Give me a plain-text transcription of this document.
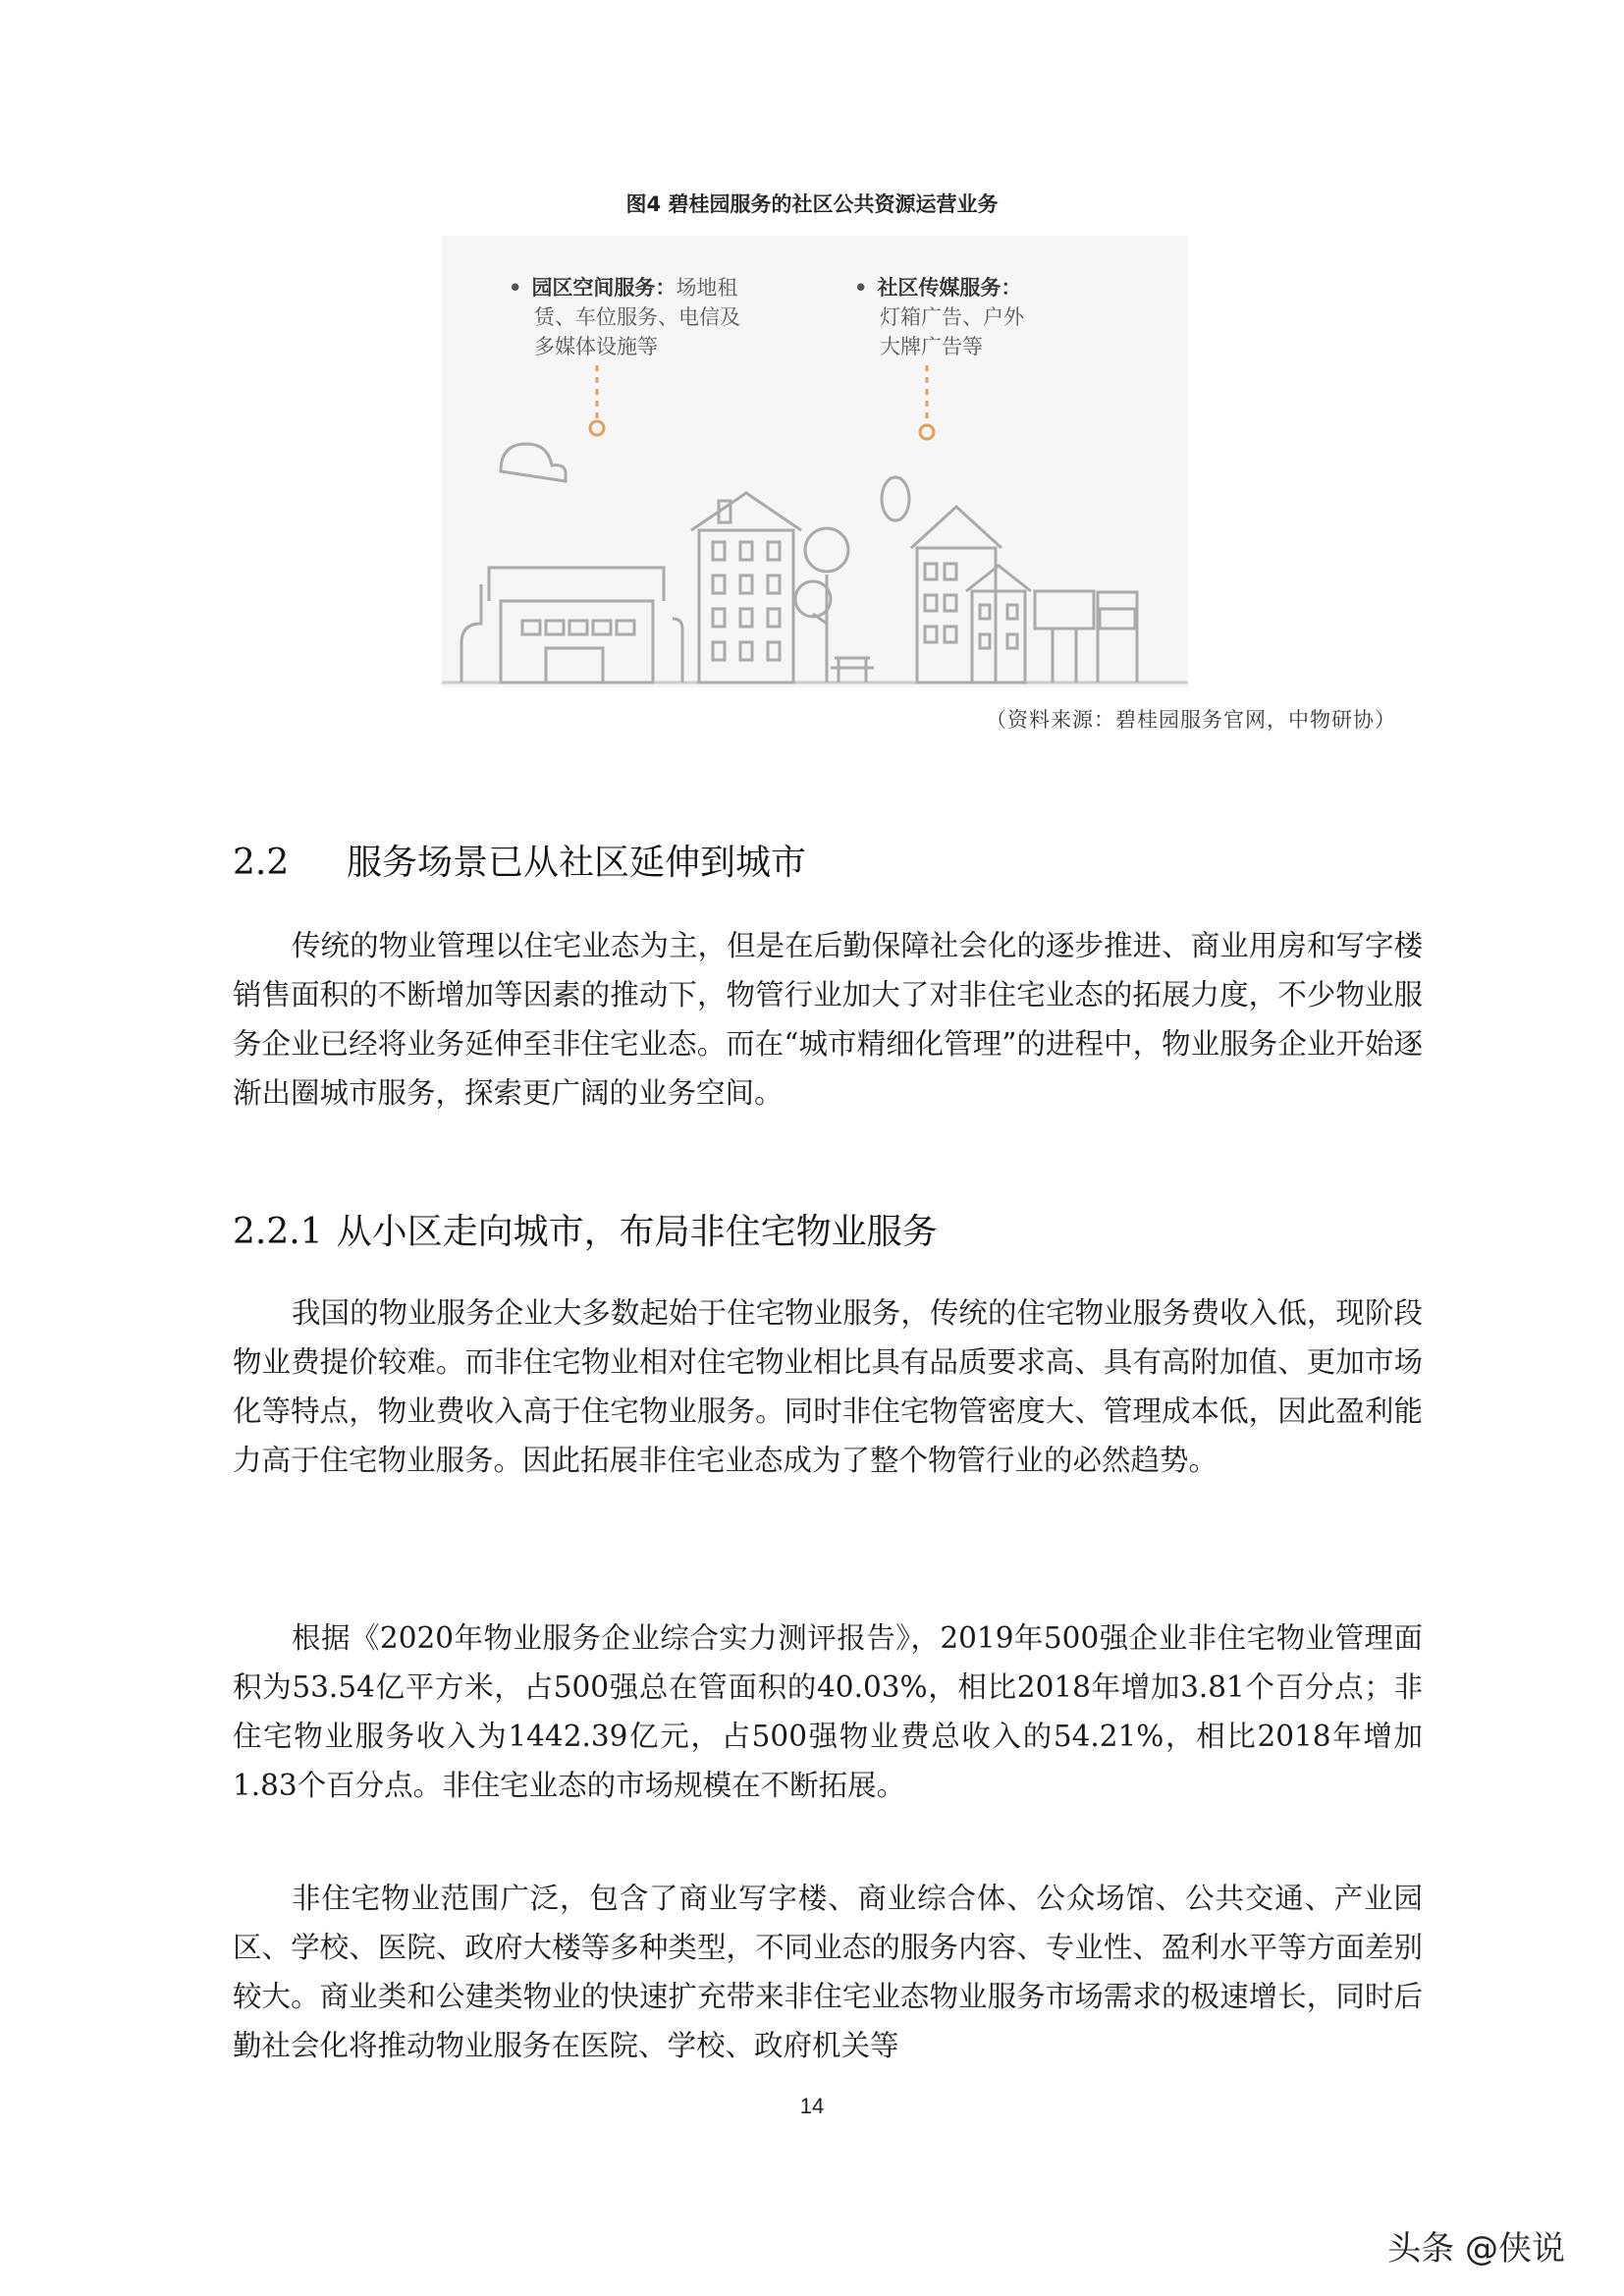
图4 碧桂园服务的社区公共资源运营业务
• 园区空间服务：场地租
赁、车位服务、电信及
多媒体设施等
• 社区传媒服务：
灯箱广告、户外
大牌广告等
（资料来源：碧桂园服务官网，中物研协）
2.2 服务场景已从社区延伸到城市

传统的物业管理以住宅业态为主，但是在后勤保障社会化的逐步推进、商业用房和写字楼销售面积的不断增加等因素的推动下，物管行业加大了对非住宅业态的拓展力度，不少物业服务企业已经将业务延伸至非住宅业态。而在“城市精细化管理”的进程中，物业服务企业开始逐渐出圈城市服务，探索更广阔的业务空间。

2.2.1 从小区走向城市，布局非住宅物业服务

我国的物业服务企业大多数起始于住宅物业服务，传统的住宅物业服务费收入低，现阶段物业费提价较难。而非住宅物业相对住宅物业相比具有品质要求高、具有高附加值、更加市场化等特点，物业费收入高于住宅物业服务。同时非住宅物管密度大、管理成本低，因此盈利能力高于住宅物业服务。因此拓展非住宅业态成为了整个物管行业的必然趋势。

根据《2020年物业服务企业综合实力测评报告》，2019年500强企业非住宅物业管理面积为53.54亿平方米，占500强总在管面积的40.03%，相比2018年增加3.81个百分点；非住宅物业服务收入为1442.39亿元，占500强物业费总收入的54.21%，相比2018年增加1.83个百分点。非住宅业态的市场规模在不断拓展。

非住宅物业范围广泛，包含了商业写字楼、商业综合体、公众场馆、公共交通、产业园区、学校、医院、政府大楼等多种类型，不同业态的服务内容、专业性、盈利水平等方面差别较大。商业类和公建类物业的快速扩充带来非住宅业态物业服务市场需求的极速增长，同时后勤社会化将推动物业服务在医院、学校、政府机关等

14
头条 @侠说
